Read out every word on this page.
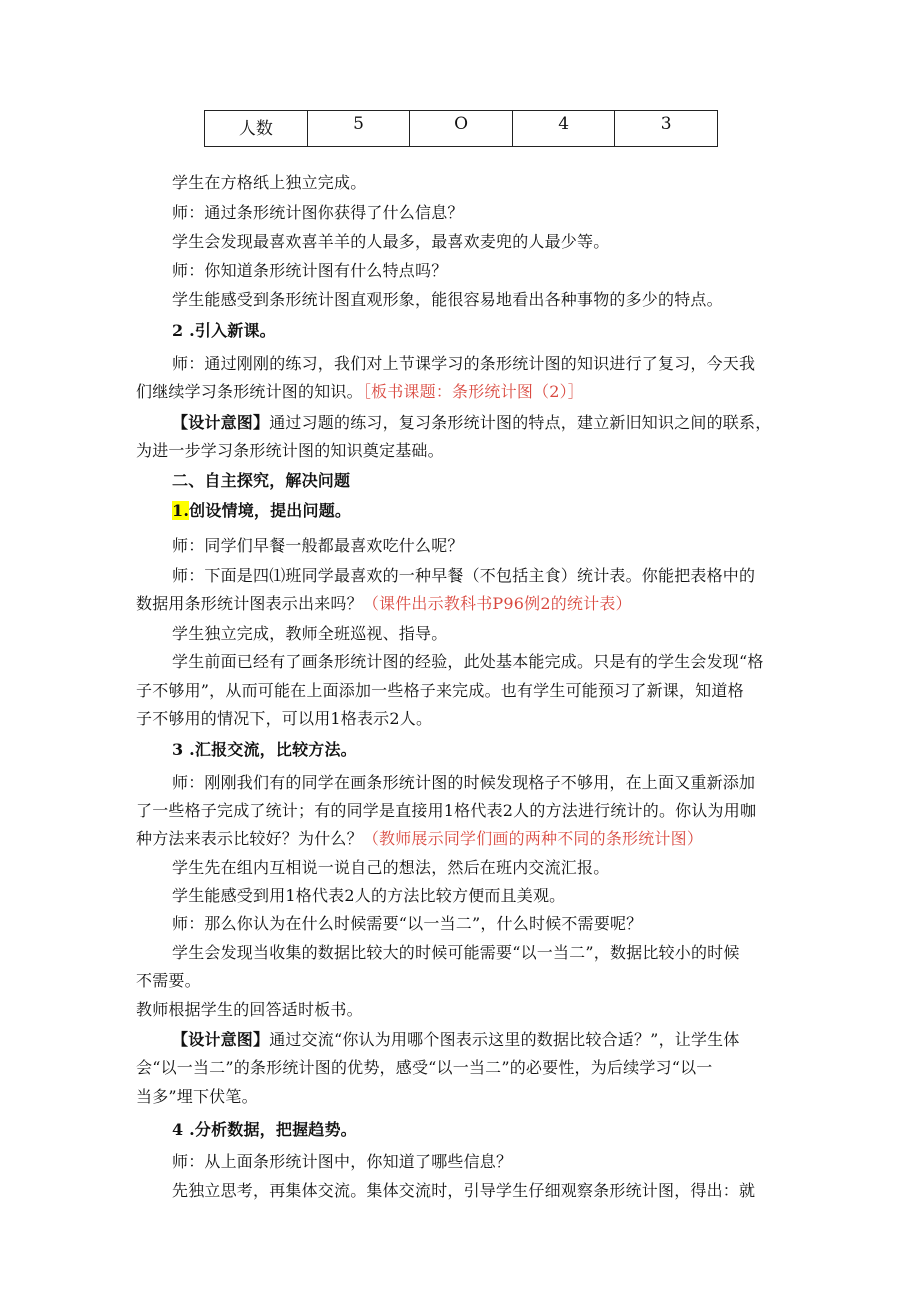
人数	5	O	4	3
学生在方格纸上独立完成。
师：通过条形统计图你获得了什么信息？
学生会发现最喜欢喜羊羊的人最多，最喜欢麦兜的人最少等。
师：你知道条形统计图有什么特点吗？
学生能感受到条形统计图直观形象，能很容易地看出各种事物的多少的特点。
2 .引入新课。
师：通过刚刚的练习，我们对上节课学习的条形统计图的知识进行了复习，今天我
们继续学习条形统计图的知识。［板书课题：条形统计图（2）］
【设计意图】通过习题的练习，复习条形统计图的特点，建立新旧知识之间的联系，
为进一步学习条形统计图的知识奠定基础。
二、自主探究，解决问题
1.创设情境，提出问题。
师：同学们早餐一般都最喜欢吃什么呢？
师：下面是四⑴班同学最喜欢的一种早餐（不包括主食）统计表。你能把表格中的
数据用条形统计图表示出来吗？（课件出示教科书P96例2的统计表）
学生独立完成，教师全班巡视、指导。
学生前面已经有了画条形统计图的经验，此处基本能完成。只是有的学生会发现“格
子不够用”，从而可能在上面添加一些格子来完成。也有学生可能预习了新课，知道格
子不够用的情况下，可以用1格表示2人。
3 .汇报交流，比较方法。
师：刚刚我们有的同学在画条形统计图的时候发现格子不够用，在上面又重新添加
了一些格子完成了统计；有的同学是直接用1格代表2人的方法进行统计的。你认为用咖
种方法来表示比较好？为什么？（教师展示同学们画的两种不同的条形统计图）
学生先在组内互相说一说自己的想法，然后在班内交流汇报。
学生能感受到用1格代表2人的方法比较方便而且美观。
师：那么你认为在什么时候需要“以一当二”，什么时候不需要呢？
学生会发现当收集的数据比较大的时候可能需要“以一当二”，数据比较小的时候
不需要。
教师根据学生的回答适时板书。
【设计意图】通过交流“你认为用哪个图表示这里的数据比较合适？”，让学生体
会“以一当二”的条形统计图的优势，感受“以一当二”的必要性，为后续学习“以一
当多”埋下伏笔。
4 .分析数据，把握趋势。
师：从上面条形统计图中，你知道了哪些信息？
先独立思考，再集体交流。集体交流时，引导学生仔细观察条形统计图，得出：就
